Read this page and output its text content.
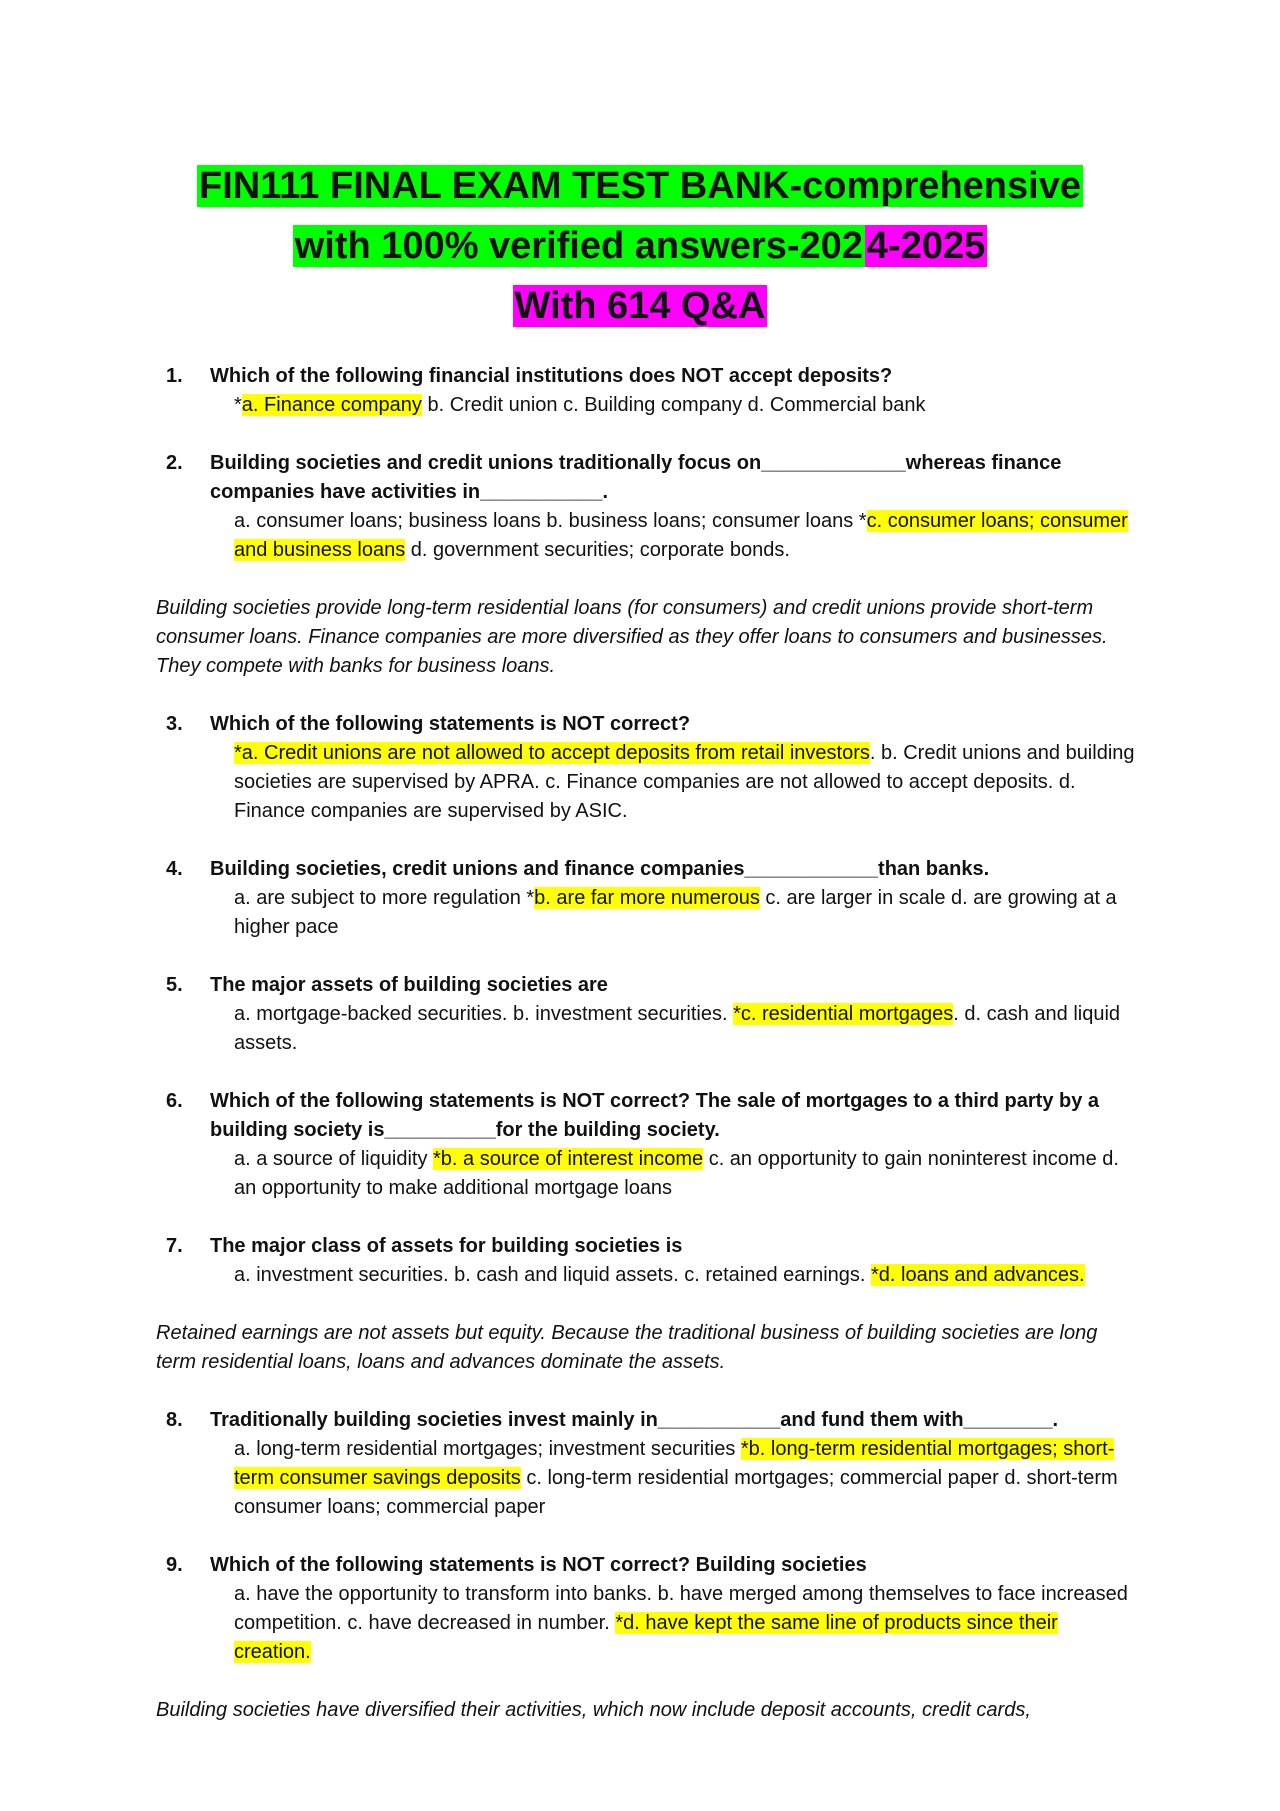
FIN111 FINAL EXAM TEST BANK-comprehensive
with 100% verified answers-202 4-2025
With 614 Q&A
1. Which of the following financial institutions does NOT accept deposits?
*a. Finance company b. Credit union c. Building company d. Commercial bank
2. Building societies and credit unions traditionally focus on_____________whereas finance companies have activities in___________.
a. consumer loans; business loans b. business loans; consumer loans *c. consumer loans; consumer and business loans d. government securities; corporate bonds.
Building societies provide long-term residential loans (for consumers) and credit unions provide short-term consumer loans. Finance companies are more diversified as they offer loans to consumers and businesses. They compete with banks for business loans.
3. Which of the following statements is NOT correct?
*a. Credit unions are not allowed to accept deposits from retail investors. b. Credit unions and building societies are supervised by APRA. c. Finance companies are not allowed to accept deposits. d. Finance companies are supervised by ASIC.
4. Building societies, credit unions and finance companies____________than banks.
a. are subject to more regulation *b. are far more numerous c. are larger in scale d. are growing at a higher pace
5. The major assets of building societies are
a. mortgage-backed securities. b. investment securities. *c. residential mortgages. d. cash and liquid assets.
6. Which of the following statements is NOT correct? The sale of mortgages to a third party by a building society is__________for the building society.
a. a source of liquidity *b. a source of interest income c. an opportunity to gain noninterest income d. an opportunity to make additional mortgage loans
7. The major class of assets for building societies is
a. investment securities. b. cash and liquid assets. c. retained earnings. *d. loans and advances.
Retained earnings are not assets but equity. Because the traditional business of building societies are long term residential loans, loans and advances dominate the assets.
8. Traditionally building societies invest mainly in___________and fund them with________.
a. long-term residential mortgages; investment securities *b. long-term residential mortgages; short-term consumer savings deposits c. long-term residential mortgages; commercial paper d. short-term consumer loans; commercial paper
9. Which of the following statements is NOT correct? Building societies
a. have the opportunity to transform into banks. b. have merged among themselves to face increased competition. c. have decreased in number. *d. have kept the same line of products since their creation.
Building societies have diversified their activities, which now include deposit accounts, credit cards,
